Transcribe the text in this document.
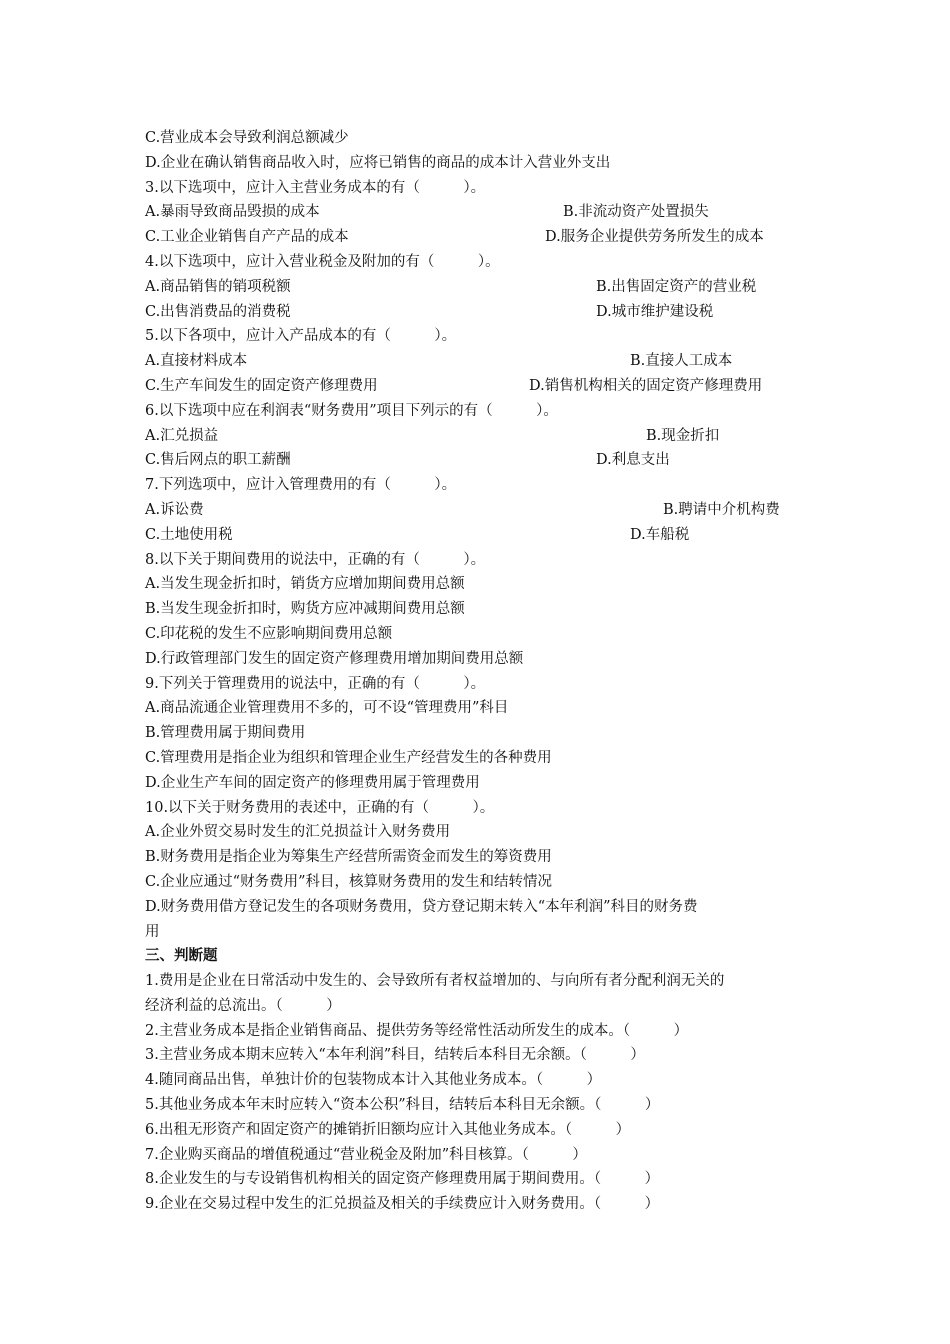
C.营业成本会导致利润总额减少
D.企业在确认销售商品收入时，应将已销售的商品的成本计入营业外支出
3.以下选项中，应计入主营业务成本的有（　　　）。
A.暴雨导致商品毁损的成本	B.非流动资产处置损失
C.工业企业销售自产产品的成本	D.服务企业提供劳务所发生的成本
4.以下选项中，应计入营业税金及附加的有（　　　）。
A.商品销售的销项税额	B.出售固定资产的营业税
C.出售消费品的消费税	D.城市维护建设税
5.以下各项中，应计入产品成本的有（　　　）。
A.直接材料成本	B.直接人工成本
C.生产车间发生的固定资产修理费用	D.销售机构相关的固定资产修理费用
6.以下选项中应在利润表“财务费用”项目下列示的有（　　　）。
A.汇兑损益	B.现金折扣
C.售后网点的职工薪酬	D.利息支出
7.下列选项中，应计入管理费用的有（　　　）。
A.诉讼费	B.聘请中介机构费
C.土地使用税	D.车船税
8.以下关于期间费用的说法中，正确的有（　　　）。
A.当发生现金折扣时，销货方应增加期间费用总额
B.当发生现金折扣时，购货方应冲减期间费用总额
C.印花税的发生不应影响期间费用总额
D.行政管理部门发生的固定资产修理费用增加期间费用总额
9.下列关于管理费用的说法中，正确的有（　　　）。
A.商品流通企业管理费用不多的，可不设“管理费用”科目
B.管理费用属于期间费用
C.管理费用是指企业为组织和管理企业生产经营发生的各种费用
D.企业生产车间的固定资产的修理费用属于管理费用
10.以下关于财务费用的表述中，正确的有（　　　）。
A.企业外贸交易时发生的汇兑损益计入财务费用
B.财务费用是指企业为筹集生产经营所需资金而发生的筹资费用
C.企业应通过“财务费用”科目，核算财务费用的发生和结转情况
D.财务费用借方登记发生的各项财务费用，贷方登记期末转入“本年利润”科目的财务费
用
三、判断题
1.费用是企业在日常活动中发生的、会导致所有者权益增加的、与向所有者分配利润无关的
经济利益的总流出。（　　　）
2.主营业务成本是指企业销售商品、提供劳务等经常性活动所发生的成本。（　　　）
3.主营业务成本期末应转入“本年利润”科目，结转后本科目无余额。（　　　）
4.随同商品出售，单独计价的包装物成本计入其他业务成本。（　　　）
5.其他业务成本年末时应转入“资本公积”科目，结转后本科目无余额。（　　　）
6.出租无形资产和固定资产的摊销折旧额均应计入其他业务成本。（　　　）
7.企业购买商品的增值税通过“营业税金及附加”科目核算。（　　　）
8.企业发生的与专设销售机构相关的固定资产修理费用属于期间费用。（　　　）
9.企业在交易过程中发生的汇兑损益及相关的手续费应计入财务费用。（　　　）
